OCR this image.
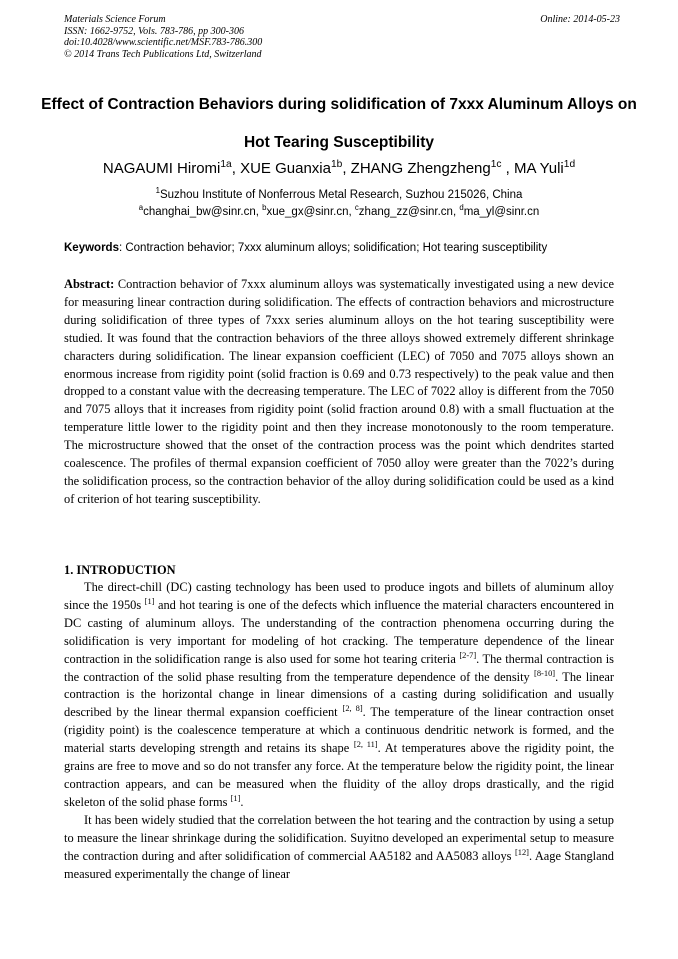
Materials Science Forum
ISSN: 1662-9752, Vols. 783-786, pp 300-306
doi:10.4028/www.scientific.net/MSF.783-786.300
© 2014 Trans Tech Publications Ltd, Switzerland
Online: 2014-05-23
Effect of Contraction Behaviors during solidification of 7xxx Aluminum Alloys on Hot Tearing Susceptibility
NAGAUMI Hiromi$^{1a}$, XUE Guanxia$^{1b}$, ZHANG Zhengzheng$^{1c}$ , MA Yuli$^{1d}$
$^1$Suzhou Institute of Nonferrous Metal Research, Suzhou 215026, China
$^a$changhai_bw@sinr.cn, $^b$xue_gx@sinr.cn, $^c$zhang_zz@sinr.cn, $^d$ma_yl@sinr.cn
Keywords: Contraction behavior; 7xxx aluminum alloys; solidification; Hot tearing susceptibility
Abstract: Contraction behavior of 7xxx aluminum alloys was systematically investigated using a new device for measuring linear contraction during solidification. The effects of contraction behaviors and microstructure during solidification of three types of 7xxx series aluminum alloys on the hot tearing susceptibility were studied. It was found that the contraction behaviors of the three alloys showed extremely different shrinkage characters during solidification. The linear expansion coefficient (LEC) of 7050 and 7075 alloys shown an enormous increase from rigidity point (solid fraction is 0.69 and 0.73 respectively) to the peak value and then dropped to a constant value with the decreasing temperature. The LEC of 7022 alloy is different from the 7050 and 7075 alloys that it increases from rigidity point (solid fraction around 0.8) with a small fluctuation at the temperature little lower to the rigidity point and then they increase monotonously to the room temperature. The microstructure showed that the onset of the contraction process was the point which dendrites started coalescence. The profiles of thermal expansion coefficient of 7050 alloy were greater than the 7022’s during the solidification process, so the contraction behavior of the alloy during solidification could be used as a kind of criterion of hot tearing susceptibility.
1. INTRODUCTION

The direct-chill (DC) casting technology has been used to produce ingots and billets of aluminum alloy since the 1950s [1] and hot tearing is one of the defects which influence the material characters encountered in DC casting of aluminum alloys. The understanding of the contraction phenomena occurring during the solidification is very important for modeling of hot cracking. The temperature dependence of the linear contraction in the solidification range is also used for some hot tearing criteria [2-7]. The thermal contraction is the contraction of the solid phase resulting from the temperature dependence of the density [8-10]. The linear contraction is the horizontal change in linear dimensions of a casting during solidification and usually described by the linear thermal expansion coefficient [2, 8]. The temperature of the linear contraction onset (rigidity point) is the coalescence temperature at which a continuous dendritic network is formed, and the material starts developing strength and retains its shape [2, 11]. At temperatures above the rigidity point, the grains are free to move and so do not transfer any force. At the temperature below the rigidity point, the linear contraction appears, and can be measured when the fluidity of the alloy drops drastically, and the rigid skeleton of the solid phase forms [1].

It has been widely studied that the correlation between the hot tearing and the contraction by using a setup to measure the linear shrinkage during the solidification. Suyitno developed an experimental setup to measure the contraction during and after solidification of commercial AA5182 and AA5083 alloys [12]. Aage Stangland measured experimentally the change of linear
